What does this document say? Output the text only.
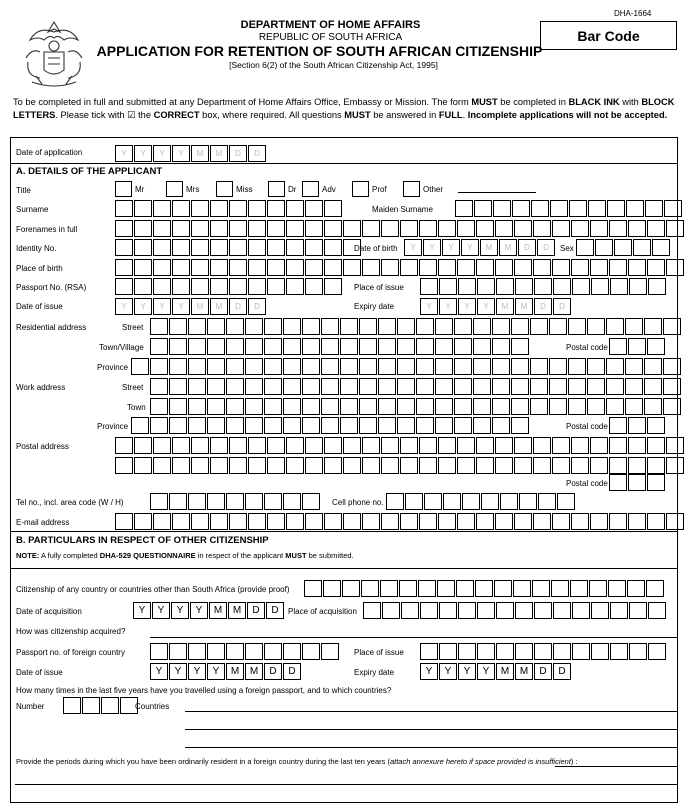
DHA-1664
Bar Code
DEPARTMENT OF HOME AFFAIRS
REPUBLIC OF SOUTH AFRICA
APPLICATION FOR RETENTION OF SOUTH AFRICAN CITIZENSHIP
[Section 6(2) of the South African Citizenship Act, 1995]
To be completed in full and submitted at any Department of Home Affairs Office, Embassy or Mission. The form MUST be completed in BLACK INK with BLOCK LETTERS. Please tick with ☑ the CORRECT box, where required. All questions MUST be answered in FULL. Incomplete applications will not be accepted.
Date of application	Y	Y	Y	Y	M	M	D	D
A. DETAILS OF THE APPLICANT
Title	Mr	Mrs	Miss	Dr	Adv	Prof	Other
Surname	Maiden Surname
Forenames in full
Identity No.	Date of birth	Y	Y	Y	Y	M	M	D	D	Sex
Place of birth
Passport No. (RSA)	Place of issue
Date of issue	Y	Y	Y	Y	M	M	D	D	Expiry date	Y	Y	Y	Y	M	M	D	D
Residential address	Street
Town/Village	Postal code
Province
Work address	Street
Town
Province	Postal code
Postal address
Postal code
Tel no., incl. area code (W / H)	Cell phone no.
E-mail address
B. PARTICULARS IN RESPECT OF OTHER CITIZENSHIP
NOTE: A fully completed DHA-529 QUESTIONNAIRE in respect of the applicant MUST be submitted.
Citizenship of any country or countries other than South Africa (provide proof)
Date of acquisition	Y	Y	Y	Y	M	M	D	D	Place of acquisition
How was citizenship acquired?
Passport no. of foreign country	Place of issue
Date of issue	Y	Y	Y	Y	M	M	D	D	Expiry date	Y	Y	Y	Y	M	M	D	D
How many times in the last five years have you travelled using a foreign passport, and to which countries?
Number	Countries
Provide the periods during which you have been ordinarily resident in a foreign country during the last ten years (attach annexure hereto if space provided is insufficient) :
